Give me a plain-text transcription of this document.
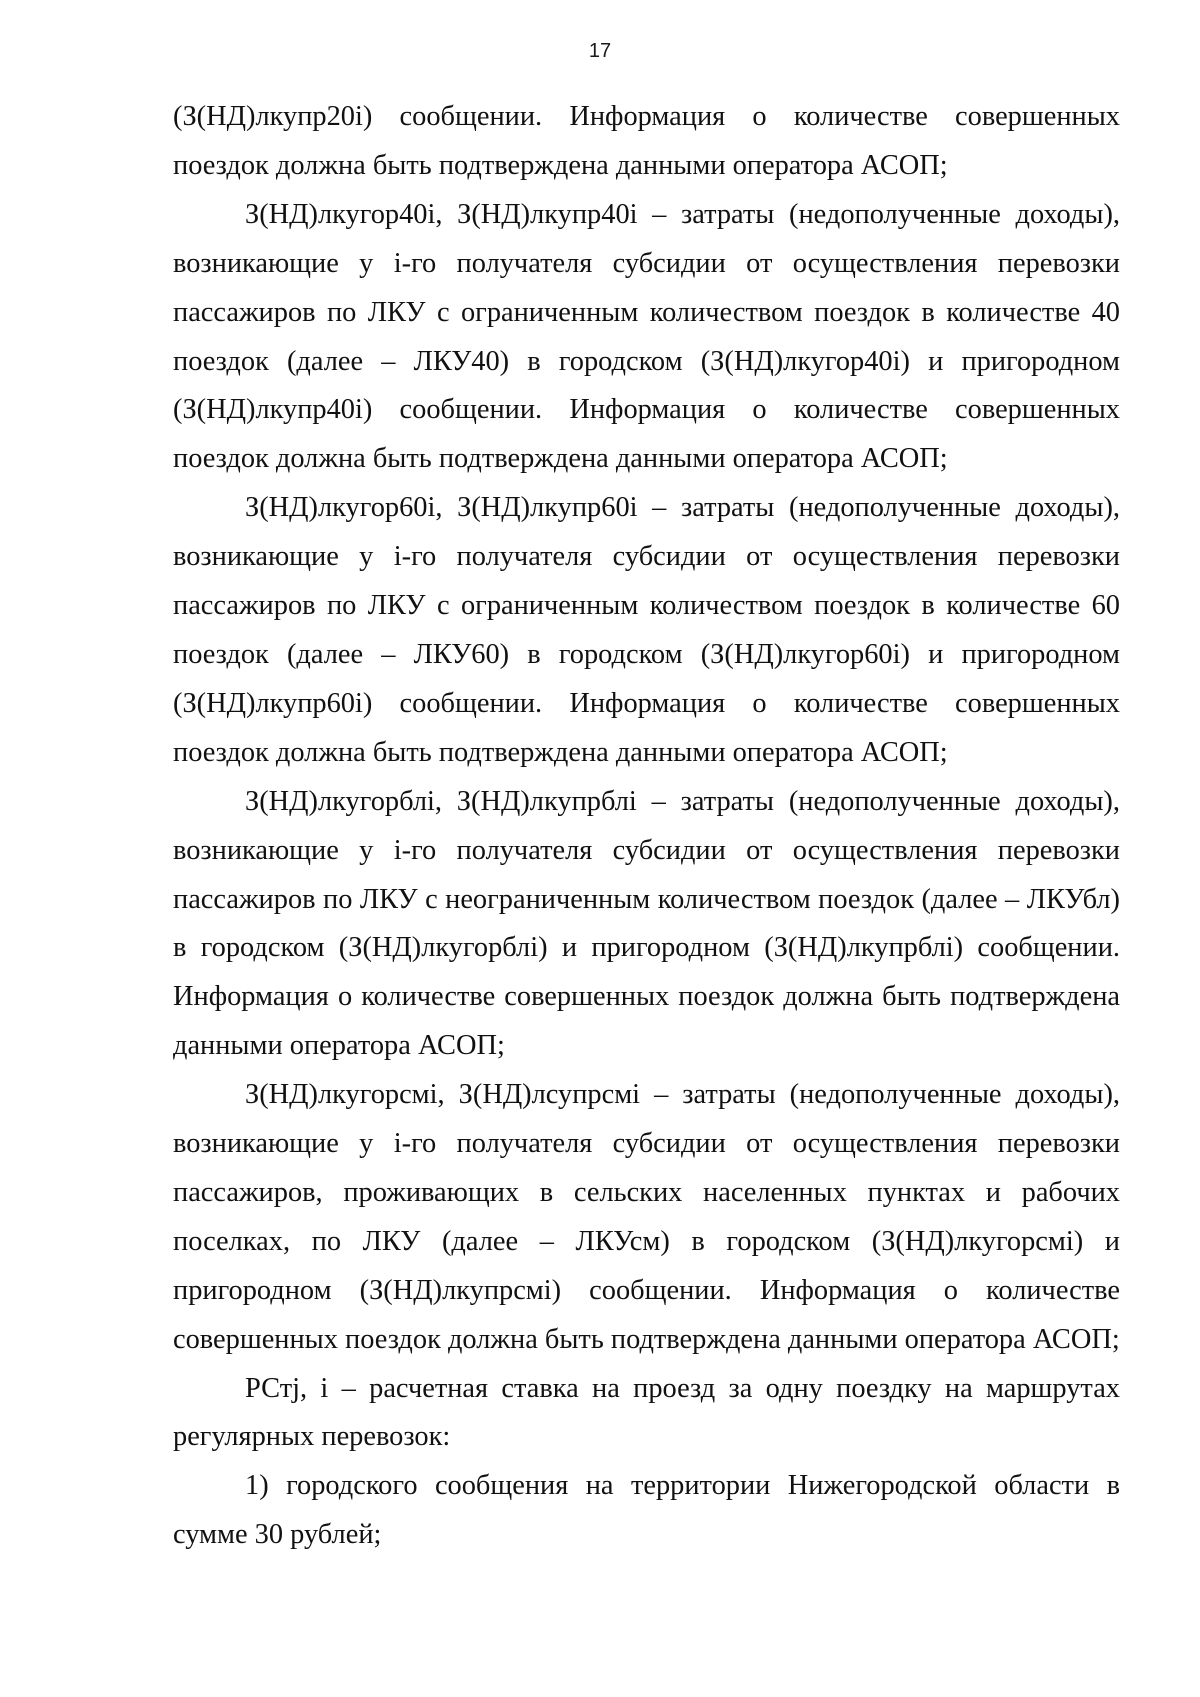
17

(З(НД)лкупр20i) сообщении. Информация о количестве совершенных поездок должна быть подтверждена данными оператора АСОП;

З(НД)лкугор40i, З(НД)лкупр40i – затраты (недополученные доходы), возникающие у i-го получателя субсидии от осуществления перевозки пассажиров по ЛКУ с ограниченным количеством поездок в количестве 40 поездок (далее – ЛКУ40) в городском (З(НД)лкугор40i) и пригородном (З(НД)лкупр40i) сообщении. Информация о количестве совершенных поездок должна быть подтверждена данными оператора АСОП;

З(НД)лкугор60i, З(НД)лкупр60i – затраты (недополученные доходы), возникающие у i-го получателя субсидии от осуществления перевозки пассажиров по ЛКУ с ограниченным количеством поездок в количестве 60 поездок (далее – ЛКУ60) в городском (З(НД)лкугор60i) и пригородном (З(НД)лкупр60i) сообщении. Информация о количестве совершенных поездок должна быть подтверждена данными оператора АСОП;

З(НД)лкугорблi, З(НД)лкупрблi – затраты (недополученные доходы), возникающие у i-го получателя субсидии от осуществления перевозки пассажиров по ЛКУ с неограниченным количеством поездок (далее – ЛКУбл) в городском (З(НД)лкугорблi) и пригородном (З(НД)лкупрблi) сообщении. Информация о количестве совершенных поездок должна быть подтверждена данными оператора АСОП;

З(НД)лкугорсмi, З(НД)лсупрсмi – затраты (недополученные доходы), возникающие у i-го получателя субсидии от осуществления перевозки пассажиров, проживающих в сельских населенных пунктах и рабочих поселках, по ЛКУ (далее – ЛКУсм) в городском (З(НД)лкугорсмi) и пригородном (З(НД)лкупрсмi) сообщении. Информация о количестве совершенных поездок должна быть подтверждена данными оператора АСОП;

РСтj, i – расчетная ставка на проезд за одну поездку на маршрутах регулярных перевозок:

1) городского сообщения на территории Нижегородской области в сумме 30 рублей;
